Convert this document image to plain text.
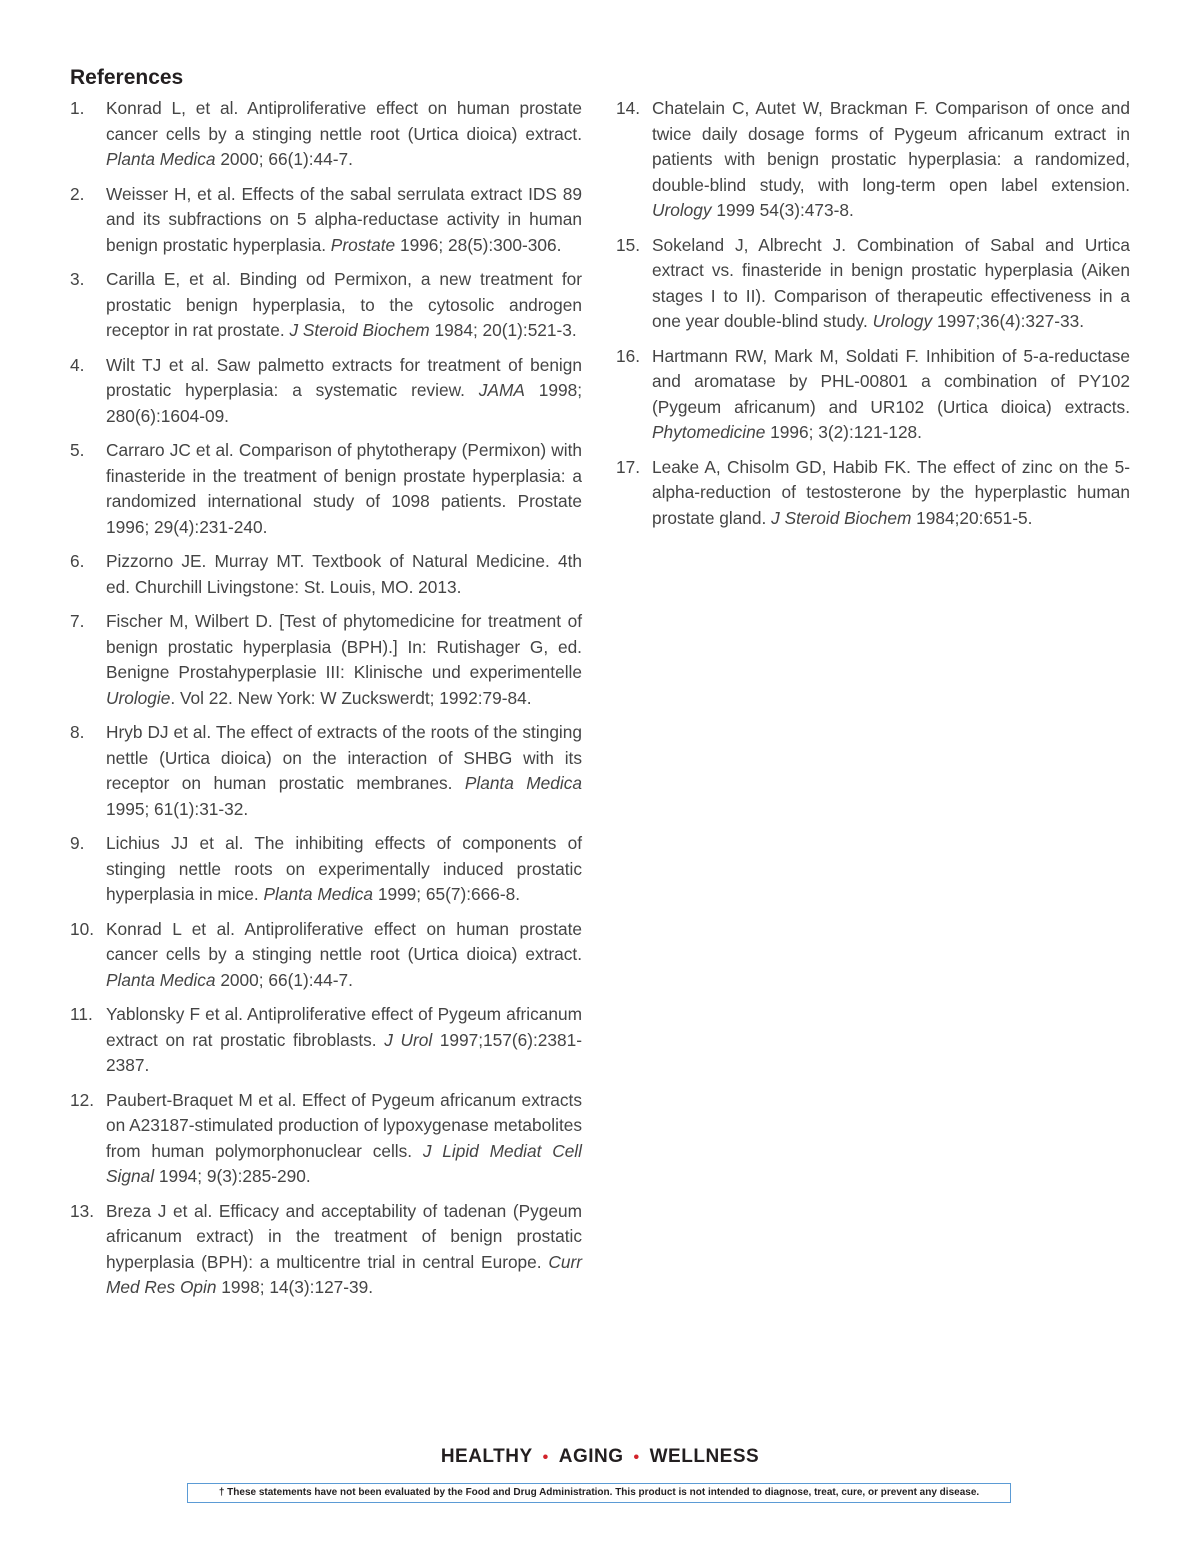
References
1. Konrad L, et al. Antiproliferative effect on human prostate cancer cells by a stinging nettle root (Urtica dioica) extract. Planta Medica 2000; 66(1):44-7.
2. Weisser H, et al. Effects of the sabal serrulata extract IDS 89 and its subfractions on 5 alpha-reductase activity in human benign prostatic hyperplasia. Prostate 1996; 28(5):300-306.
3. Carilla E, et al. Binding od Permixon, a new treatment for prostatic benign hyperplasia, to the cytosolic androgen receptor in rat prostate. J Steroid Biochem 1984; 20(1):521-3.
4. Wilt TJ et al. Saw palmetto extracts for treatment of benign prostatic hyperplasia: a systematic review. JAMA 1998; 280(6):1604-09.
5. Carraro JC et al. Comparison of phytotherapy (Permixon) with finasteride in the treatment of benign prostate hyperplasia: a randomized international study of 1098 patients. Prostate 1996; 29(4):231-240.
6. Pizzorno JE. Murray MT. Textbook of Natural Medicine. 4th ed. Churchill Livingstone: St. Louis, MO. 2013.
7. Fischer M, Wilbert D. [Test of phytomedicine for treatment of benign prostatic hyperplasia (BPH).] In: Rutishager G, ed. Benigne Prostahyperplasie III: Klinische und experimentelle Urologie. Vol 22. New York: W Zuckswerdt; 1992:79-84.
8. Hryb DJ et al. The effect of extracts of the roots of the stinging nettle (Urtica dioica) on the interaction of SHBG with its receptor on human prostatic membranes. Planta Medica 1995; 61(1):31-32.
9. Lichius JJ et al. The inhibiting effects of components of stinging nettle roots on experimentally induced prostatic hyperplasia in mice. Planta Medica 1999; 65(7):666-8.
10. Konrad L et al. Antiproliferative effect on human prostate cancer cells by a stinging nettle root (Urtica dioica) extract. Planta Medica 2000; 66(1):44-7.
11. Yablonsky F et al. Antiproliferative effect of Pygeum africanum extract on rat prostatic fibroblasts. J Urol 1997;157(6):2381-2387.
12. Paubert-Braquet M et al. Effect of Pygeum africanum extracts on A23187-stimulated production of lypoxygenase metabolites from human polymorphonuclear cells. J Lipid Mediat Cell Signal 1994; 9(3):285-290.
13. Breza J et al. Efficacy and acceptability of tadenan (Pygeum africanum extract) in the treatment of benign prostatic hyperplasia (BPH): a multicentre trial in central Europe. Curr Med Res Opin 1998; 14(3):127-39.
14. Chatelain C, Autet W, Brackman F. Comparison of once and twice daily dosage forms of Pygeum africanum extract in patients with benign prostatic hyperplasia: a randomized, double-blind study, with long-term open label extension. Urology 1999 54(3):473-8.
15. Sokeland J, Albrecht J. Combination of Sabal and Urtica extract vs. finasteride in benign prostatic hyperplasia (Aiken stages I to II). Comparison of therapeutic effectiveness in a one year double-blind study. Urology 1997;36(4):327-33.
16. Hartmann RW, Mark M, Soldati F. Inhibition of 5-a-reductase and aromatase by PHL-00801 a combination of PY102 (Pygeum africanum) and UR102 (Urtica dioica) extracts. Phytomedicine 1996; 3(2):121-128.
17. Leake A, Chisolm GD, Habib FK. The effect of zinc on the 5-alpha-reduction of testosterone by the hyperplastic human prostate gland. J Steroid Biochem 1984;20:651-5.
HEALTHY • AGING • WELLNESS
† These statements have not been evaluated by the Food and Drug Administration. This product is not intended to diagnose, treat, cure, or prevent any disease.
